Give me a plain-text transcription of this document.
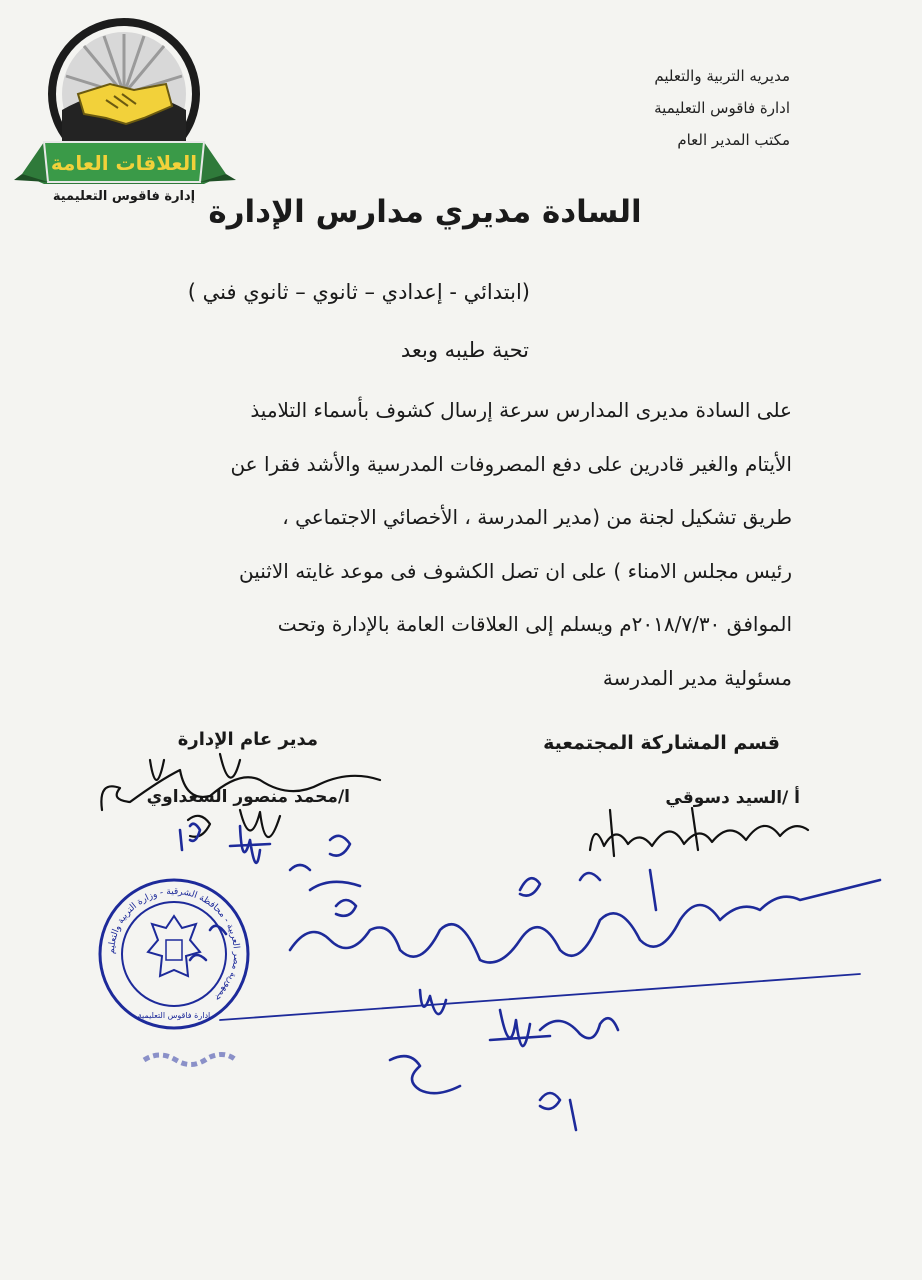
العلاقات العامة
إدارة فاقوس التعليمية
مديريه التربية والتعليم
ادارة فاقوس التعليمية
مكتب المدير العام
السادة مديري مدارس الإدارة
(ابتدائي - إعدادي – ثانوي – ثانوي فني )
تحية طيبه وبعد

على السادة مديرى المدارس سرعة إرسال كشوف بأسماء التلاميذ

الأيتام والغير قادرين على دفع المصروفات المدرسية والأشد فقرا عن

طريق تشكيل لجنة من (مدير المدرسة ، الأخصائي الاجتماعي ،

رئيس مجلس الامناء ) على ان تصل الكشوف فى موعد غايته الاثنين

الموافق ٢٠١٨/٧/٣٠م ويسلم إلى العلاقات العامة بالإدارة وتحت

مسئولية مدير المدرسة

مدير عام الإدارة
ا/محمد منصور السعداوي
قسم المشاركة المجتمعية
أ /السيد دسوقي
جمهورية مصر العربية - محافظة الشرقية - وزارة التربية والتعليم
ادارة فاقوس التعليمية
